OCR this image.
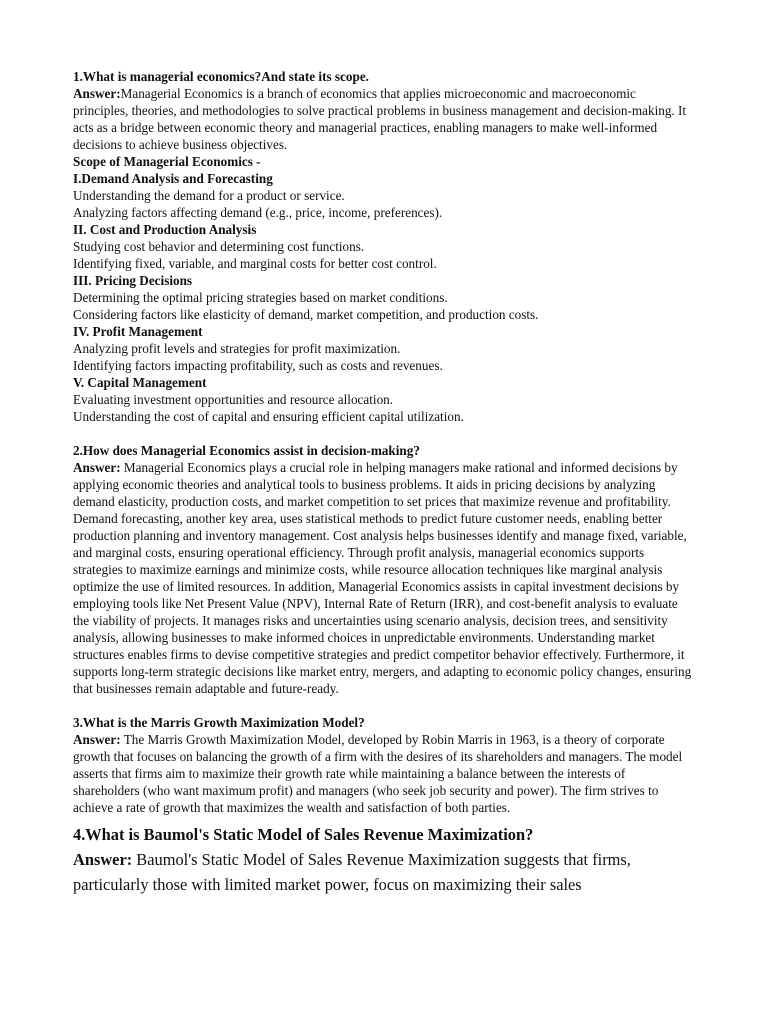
1.What is managerial economics?And state its scope.

Answer:Managerial Economics is a branch of economics that applies microeconomic and macroeconomic principles, theories, and methodologies to solve practical problems in business management and decision-making. It acts as a bridge between economic theory and managerial practices, enabling managers to make well-informed decisions to achieve business objectives.

Scope of Managerial Economics -
I.Demand Analysis and Forecasting
Understanding the demand for a product or service.
Analyzing factors affecting demand (e.g., price, income, preferences).
II. Cost and Production Analysis
Studying cost behavior and determining cost functions.
Identifying fixed, variable, and marginal costs for better cost control.
III. Pricing Decisions
Determining the optimal pricing strategies based on market conditions.
Considering factors like elasticity of demand, market competition, and production costs.
IV. Profit Management
Analyzing profit levels and strategies for profit maximization.
Identifying factors impacting profitability, such as costs and revenues.
V. Capital Management
Evaluating investment opportunities and resource allocation.
Understanding the cost of capital and ensuring efficient capital utilization.
2.How does Managerial Economics assist in decision-making?

Answer: Managerial Economics plays a crucial role in helping managers make rational and informed decisions by applying economic theories and analytical tools to business problems. It aids in pricing decisions by analyzing demand elasticity, production costs, and market competition to set prices that maximize revenue and profitability. Demand forecasting, another key area, uses statistical methods to predict future customer needs, enabling better production planning and inventory management. Cost analysis helps businesses identify and manage fixed, variable, and marginal costs, ensuring operational efficiency. Through profit analysis, managerial economics supports strategies to maximize earnings and minimize costs, while resource allocation techniques like marginal analysis optimize the use of limited resources. In addition, Managerial Economics assists in capital investment decisions by employing tools like Net Present Value (NPV), Internal Rate of Return (IRR), and cost-benefit analysis to evaluate the viability of projects. It manages risks and uncertainties using scenario analysis, decision trees, and sensitivity analysis, allowing businesses to make informed choices in unpredictable environments. Understanding market structures enables firms to devise competitive strategies and predict competitor behavior effectively. Furthermore, it supports long-term strategic decisions like market entry, mergers, and adapting to economic policy changes, ensuring that businesses remain adaptable and future-ready.

3.What is the Marris Growth Maximization Model?

Answer: The Marris Growth Maximization Model, developed by Robin Marris in 1963, is a theory of corporate growth that focuses on balancing the growth of a firm with the desires of its shareholders and managers. The model asserts that firms aim to maximize their growth rate while maintaining a balance between the interests of shareholders (who want maximum profit) and managers (who seek job security and power). The firm strives to achieve a rate of growth that maximizes the wealth and satisfaction of both parties.

4.What is Baumol's Static Model of Sales Revenue Maximization?

Answer: Baumol's Static Model of Sales Revenue Maximization suggests that firms, particularly those with limited market power, focus on maximizing their sales
